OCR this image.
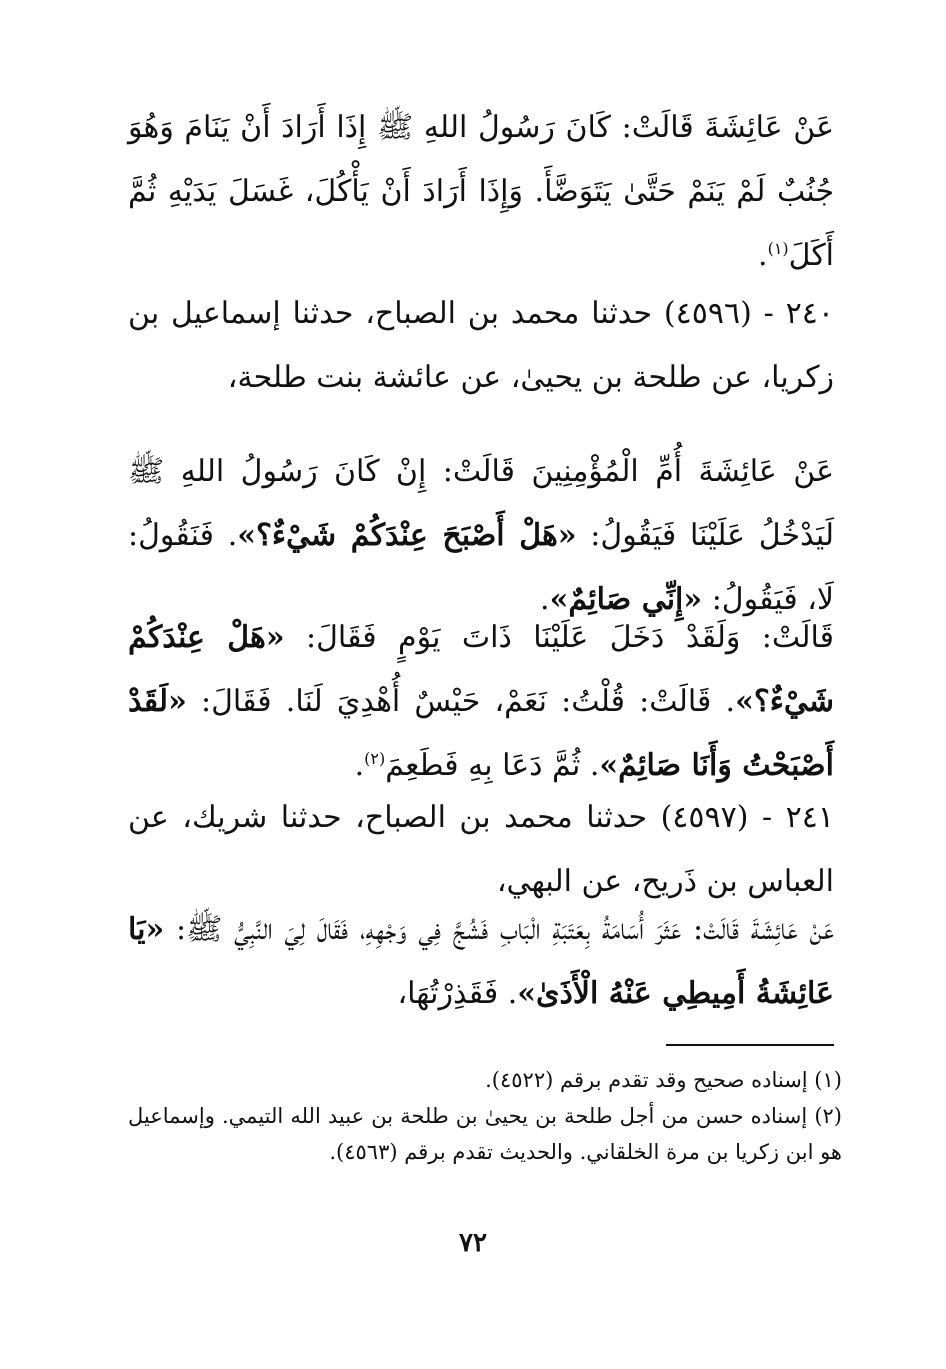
عَنْ عَائِشَةَ قَالَتْ: كَانَ رَسُولُ اللهِ ﷺ إِذَا أَرَادَ أَنْ يَنَامَ وَهُوَ جُنُبٌ لَمْ يَنَمْ حَتَّىٰ يَتَوَضَّأَ. وَإِذَا أَرَادَ أَنْ يَأْكُلَ، غَسَلَ يَدَيْهِ ثُمَّ أَكَلَ$^{(١)}$.

٢٤٠ - (٤٥٩٦) حدثنا محمد بن الصباح، حدثنا إسماعيل بن زكريا، عن طلحة بن يحيىٰ، عن عائشة بنت طلحة،

عَنْ عَائِشَةَ أُمِّ الْمُؤْمِنِينَ قَالَتْ: إِنْ كَانَ رَسُولُ اللهِ ﷺ لَيَدْخُلُ عَلَيْنَا فَيَقُولُ: «هَلْ أَصْبَحَ عِنْدَكُمْ شَيْءٌ؟». فَنَقُولُ: لَا، فَيَقُولُ: «إِنِّي صَائِمٌ».

قَالَتْ: وَلَقَدْ دَخَلَ عَلَيْنَا ذَاتَ يَوْمٍ فَقَالَ: «هَلْ عِنْدَكُمْ شَيْءٌ؟». قَالَتْ: قُلْتُ: نَعَمْ، حَيْسٌ أُهْدِيَ لَنَا. فَقَالَ: «لَقَدْ أَصْبَحْتُ وَأَنَا صَائِمٌ». ثُمَّ دَعَا بِهِ فَطَعِمَ$^{(٢)}$.

٢٤١ - (٤٥٩٧) حدثنا محمد بن الصباح، حدثنا شريك، عن العباس بن ذَريح، عن البهي،

عَنْ عَائِشَةَ قَالَتْ: عَثَرَ أُسَامَةُ بِعَتَبَةِ الْبَابِ فَشُجَّ فِي وَجْهِهِ، فَقَالَ لِيَ النَّبِيُّ ﷺ: «يَا عَائِشَةُ أَمِيطِي عَنْهُ الْأَذَىٰ». فَقَذِرْتُهَا،

(١) إسناده صحيح وقد تقدم برقم (٤٥٢٢).

(٢) إسناده حسن من أجل طلحة بن يحيىٰ بن طلحة بن عبيد الله التيمي. وإسماعيل هو ابن زكريا بن مرة الخلقاني. والحديث تقدم برقم (٤٥٦٣).

٧٢
